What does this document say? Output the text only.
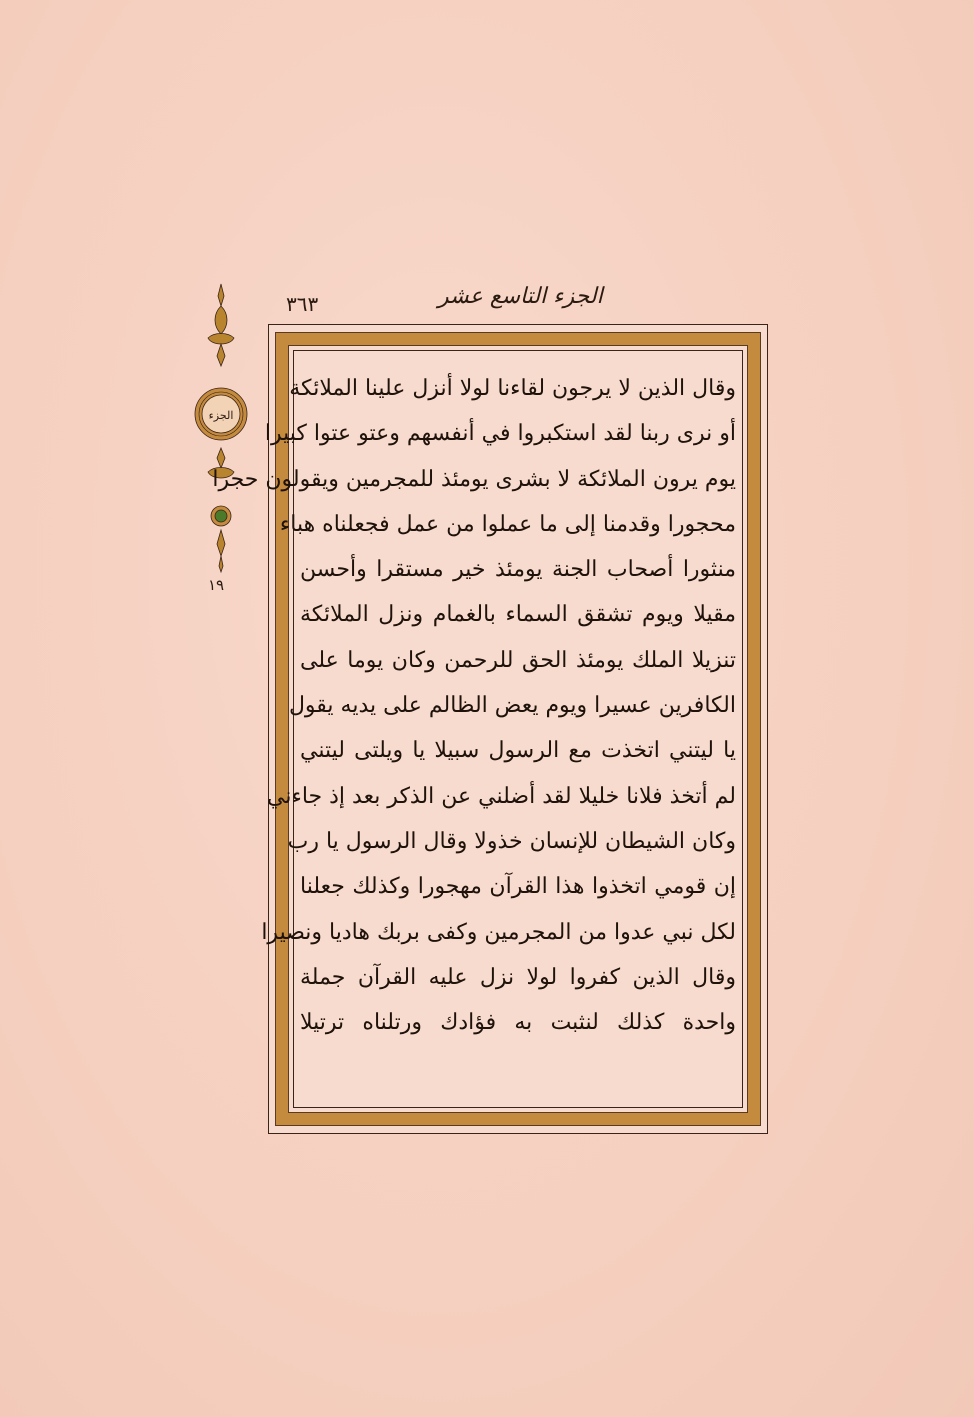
٣٦٣	الجزء التاسع عشر
الجزء
١٩
وقال الذين لا يرجون لقاءنا لولا أنزل علينا الملائكة
أو نرى ربنا لقد استكبروا في أنفسهم وعتو عتوا كبيرا
يوم يرون الملائكة لا بشرى يومئذ للمجرمين ويقولون حجرا
محجورا وقدمنا إلى ما عملوا من عمل فجعلناه هباء
منثورا أصحاب الجنة يومئذ خير مستقرا وأحسن
مقيلا ويوم تشقق السماء بالغمام ونزل الملائكة
تنزيلا الملك يومئذ الحق للرحمن وكان يوما على
الكافرين عسيرا ويوم يعض الظالم على يديه يقول
يا ليتني اتخذت مع الرسول سبيلا يا ويلتى ليتني
لم أتخذ فلانا خليلا لقد أضلني عن الذكر بعد إذ جاءني
وكان الشيطان للإنسان خذولا وقال الرسول يا رب
إن قومي اتخذوا هذا القرآن مهجورا وكذلك جعلنا
لكل نبي عدوا من المجرمين وكفى بربك هاديا ونصيرا
وقال الذين كفروا لولا نزل عليه القرآن جملة
واحدة كذلك لنثبت به فؤادك ورتلناه ترتيلا
